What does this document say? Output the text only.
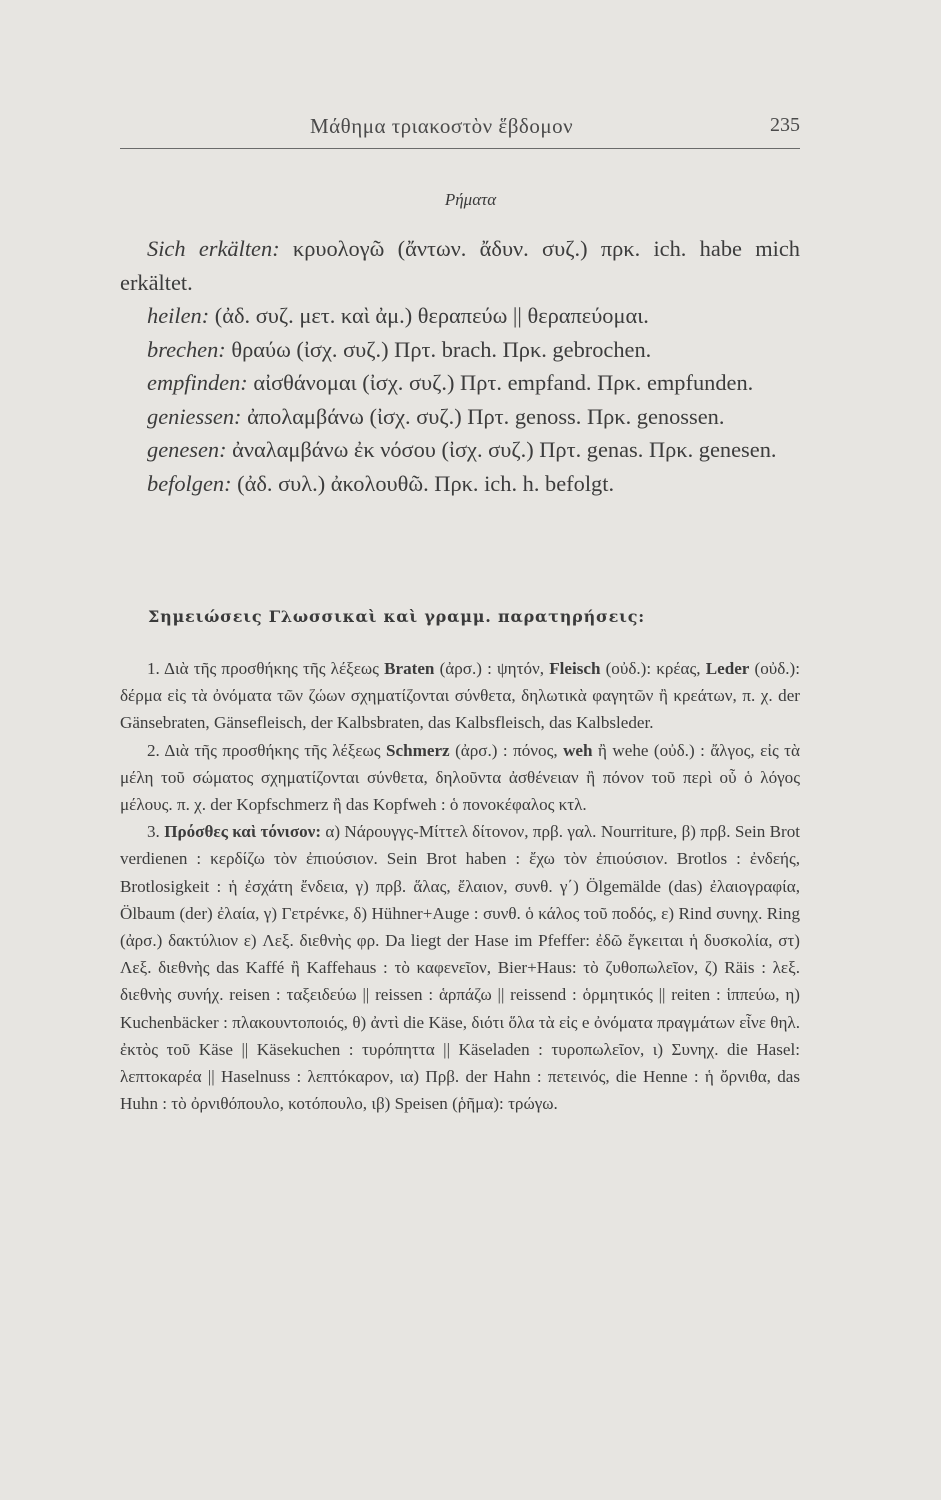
Μάθημα τριακοστὸν ἕβδομον	235
Ρήματα

Sich erkälten: κρυολογῶ (ἄντων. ἄδυν. συζ.) πρκ. ich. habe mich erkältet.

heilen: (ἀδ. συζ. μετ. καὶ ἀμ.) θεραπεύω || θεραπεύομαι.

brechen: θραύω (ἰσχ. συζ.) Πρτ. brach. Πρκ. gebrochen.

empfinden: αἰσθάνομαι (ἰσχ. συζ.) Πρτ. empfand. Πρκ. empfunden.

geniessen: ἀπολαμβάνω (ἰσχ. συζ.) Πρτ. genoss. Πρκ. genossen.

genesen: ἀναλαμβάνω ἐκ νόσου (ἰσχ. συζ.) Πρτ. genas. Πρκ. genesen.

befolgen: (ἀδ. συλ.) ἀκολουθῶ. Πρκ. ich. h. befolgt.

Σημειώσεις Γλωσσικαὶ καὶ γραμμ. παρατηρήσεις:

1. Διὰ τῆς προσθήκης τῆς λέξεως Braten (ἀρσ.) : ψητόν, Fleisch (οὐδ.): κρέας, Leder (οὐδ.): δέρμα εἰς τὰ ὀνόματα τῶν ζώων σχηματίζονται σύνθετα, δηλωτικὰ φαγητῶν ἢ κρεάτων, π. χ. der Gänsebraten, Gänsefleisch, der Kalbsbraten, das Kalbsfleisch, das Kalbsleder.

2. Διὰ τῆς προσθήκης τῆς λέξεως Schmerz (ἀρσ.) : πόνος, weh ἢ wehe (οὐδ.) : ἄλγος, εἰς τὰ μέλη τοῦ σώματος σχηματίζονται σύνθετα, δηλοῦντα ἀσθένειαν ἢ πόνον τοῦ περὶ οὗ ὁ λόγος μέλους. π. χ. der Kopfschmerz ἢ das Kopfweh : ὁ πονοκέφαλος κτλ.

3. Πρόσθες καὶ τόνισον: α) Νάρουγγς-Μίττελ δίτονον, πρβ. γαλ. Nourriture, β) πρβ. Sein Brot verdienen : κερδίζω τὸν ἐπιούσιον. Sein Brot haben : ἔχω τὸν ἐπιούσιον. Brotlos : ἐνδεής, Brotlosigkeit : ἡ ἐσχάτη ἔνδεια, γ) πρβ. ἅλας, ἔλαιον, συνθ. γ΄) Ölgemälde (das) ἐλαιογραφία, Ölbaum (der) ἐλαία, γ) Γετρένκε, δ) Hühner+Auge : συνθ. ὁ κάλος τοῦ ποδός, ε) Rind συνηχ. Ring (ἀρσ.) δακτύλιον ε) Λεξ. διεθνὴς φρ. Da liegt der Hase im Pfeffer: ἐδῶ ἔγκειται ἡ δυσκολία, στ) Λεξ. διεθνὴς das Kaffé ἢ Kaffehaus : τὸ καφενεῖον, Bier+Haus: τὸ ζυθοπωλεῖον, ζ) Räis : λεξ. διεθνὴς συνήχ. reisen : ταξειδεύω || reissen : ἁρπάζω || reissend : ὁρμητικός || reiten : ἱππεύω, η) Kuchenbäcker : πλακουντοποιός, θ) ἀντὶ die Käse, διότι ὅλα τὰ εἰς e ὀνόματα πραγμάτων εἶνε θηλ. ἐκτὸς τοῦ Käse || Käsekuchen : τυρόπηττα || Käseladen : τυροπωλεῖον, ι) Συνηχ. die Hasel: λεπτοκαρέα || Haselnuss : λεπτόκαρον, ια) Πρβ. der Hahn : πετεινός, die Henne : ἡ ὄρνιθα, das Huhn : τὸ ὀρνιθόπουλο, κοτόπουλο, ιβ) Speisen (ῥῆμα): τρώγω.
